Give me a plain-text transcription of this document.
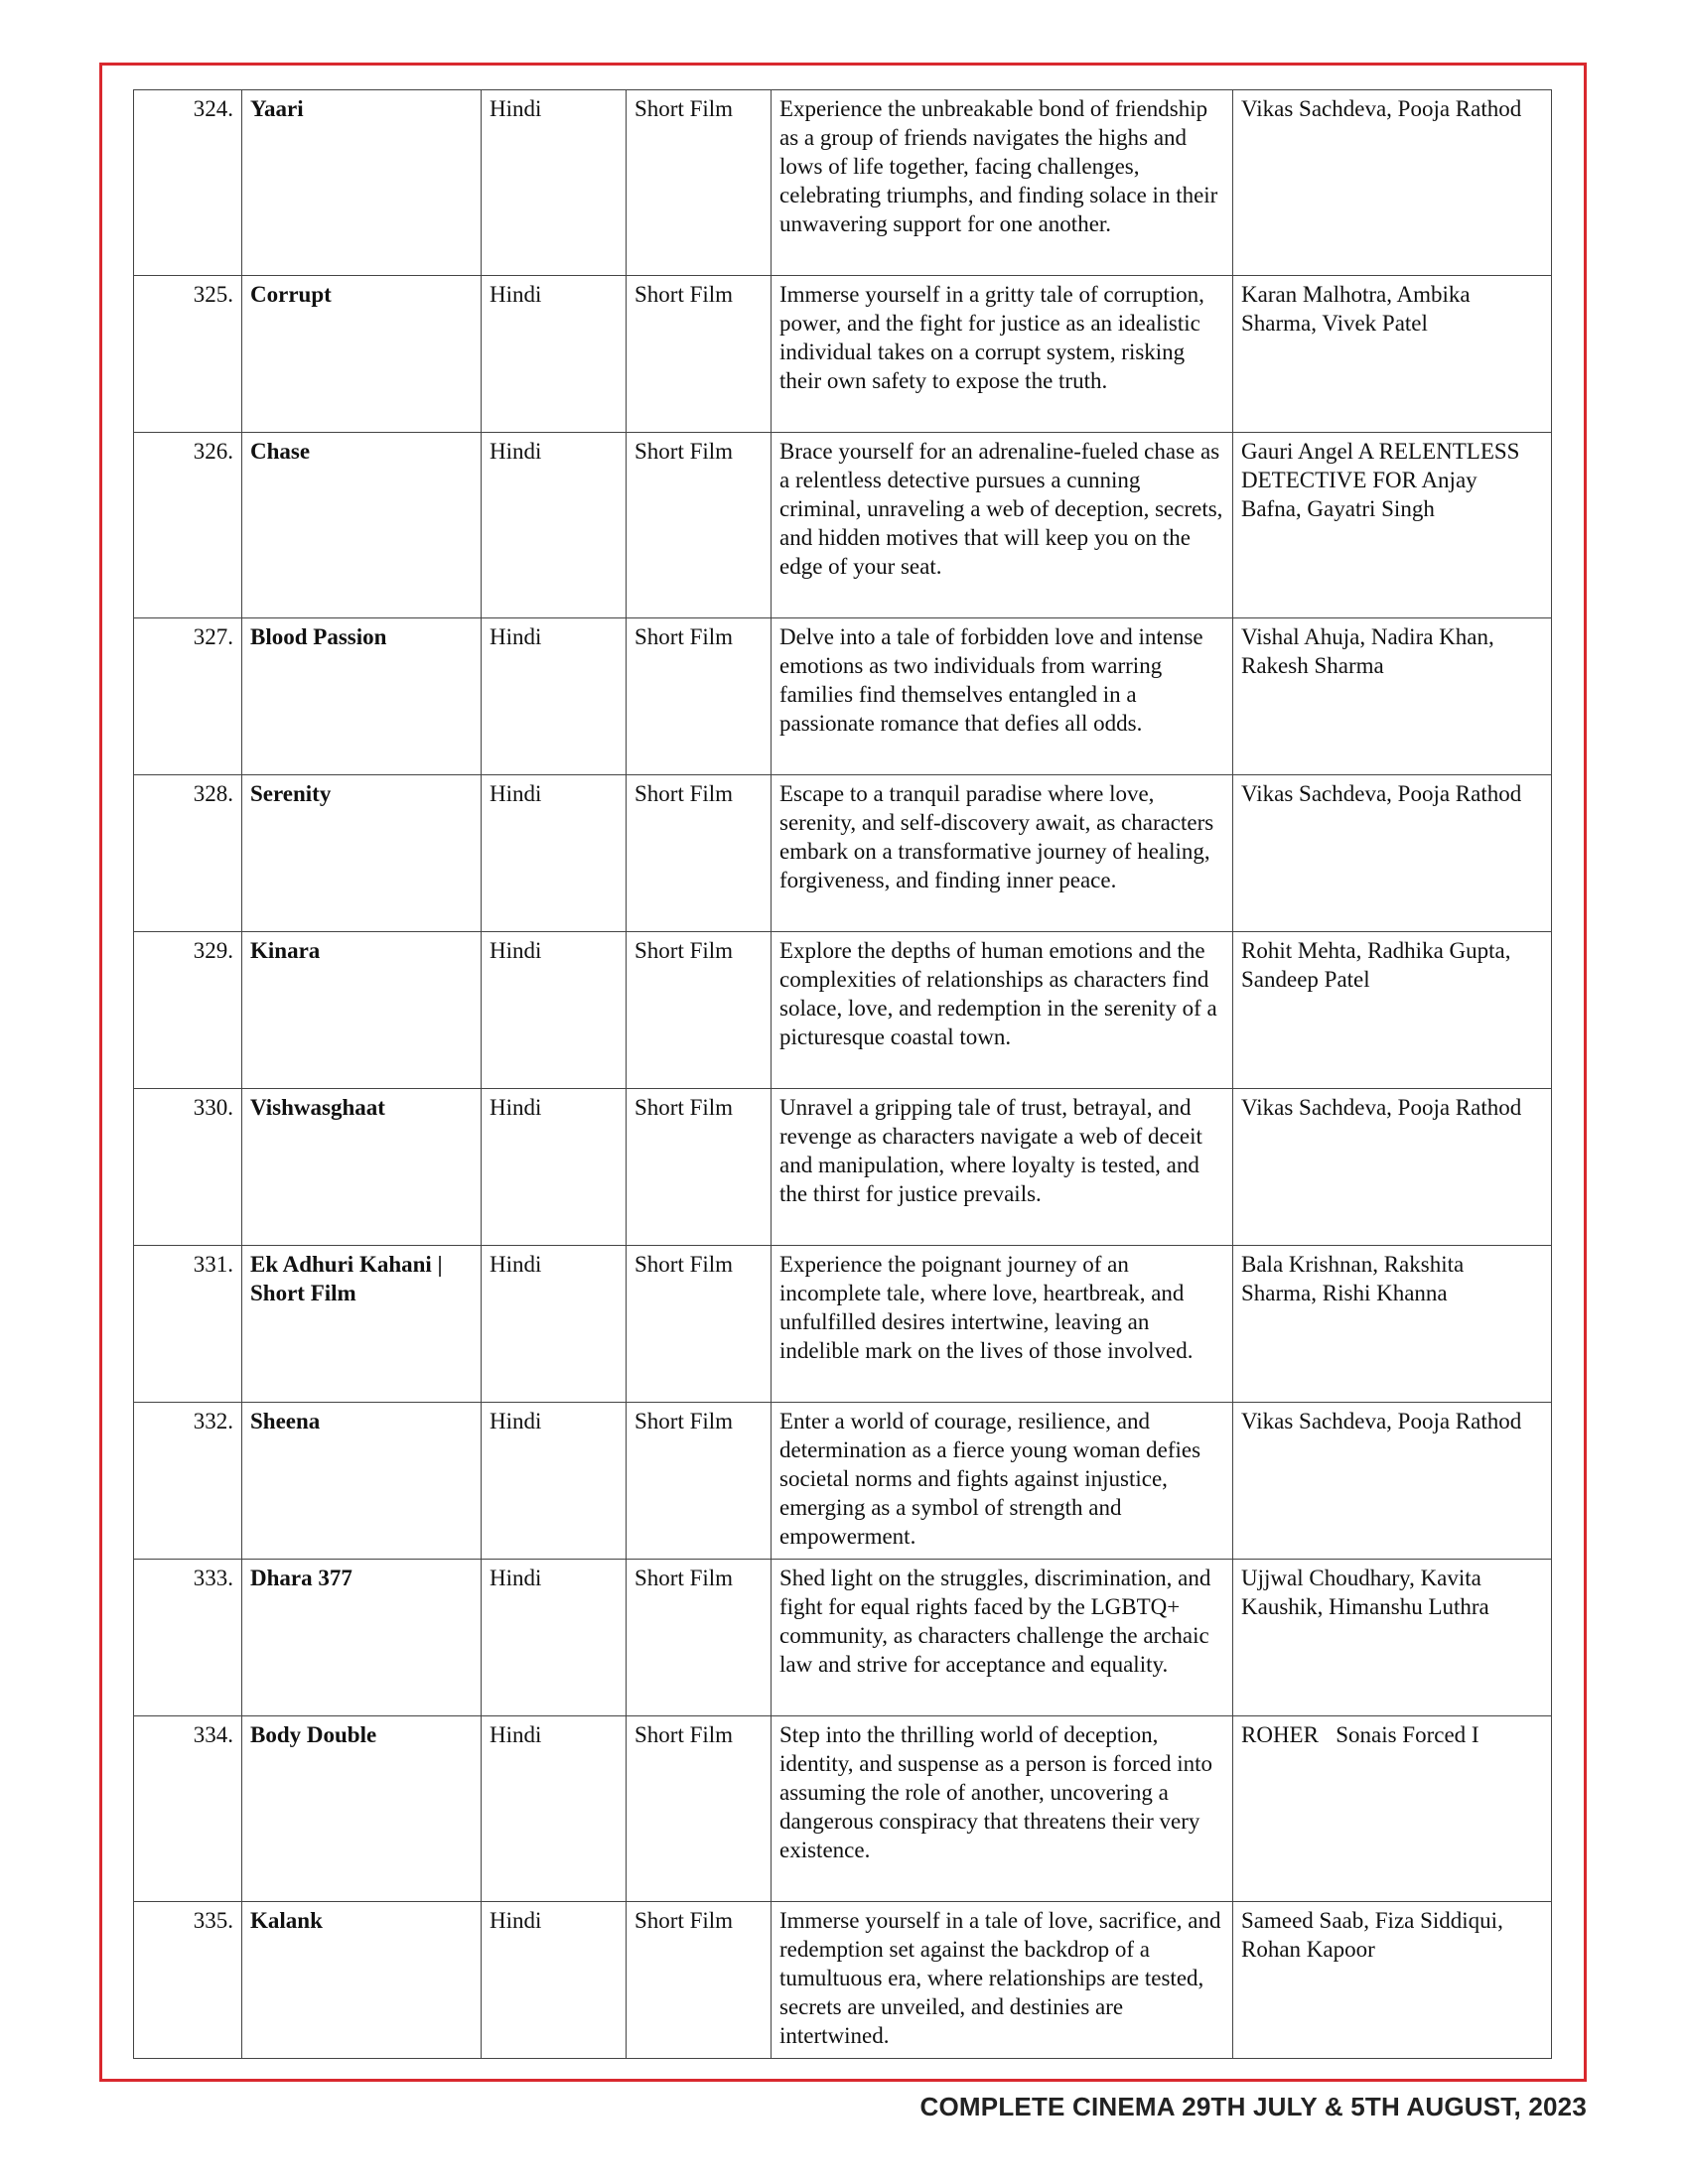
324.	Yaari	Hindi	Short Film	Experience the unbreakable bond of friendship as a group of friends navigates the highs and lows of life together, facing challenges, celebrating triumphs, and finding solace in their unwavering support for one another.	Vikas Sachdeva, Pooja Rathod
325.	Corrupt	Hindi	Short Film	Immerse yourself in a gritty tale of corruption, power, and the fight for justice as an idealistic individual takes on a corrupt system, risking their own safety to expose the truth.	Karan Malhotra, Ambika Sharma, Vivek Patel
326.	Chase	Hindi	Short Film	Brace yourself for an adrenaline-fueled chase as a relentless detective pursues a cunning criminal, unraveling a web of deception, secrets, and hidden motives that will keep you on the edge of your seat.	Gauri Angel A RELENTLESS DETECTIVE FOR Anjay Bafna, Gayatri Singh
327.	Blood Passion	Hindi	Short Film	Delve into a tale of forbidden love and intense emotions as two individuals from warring families find themselves entangled in a passionate romance that defies all odds.	Vishal Ahuja, Nadira Khan, Rakesh Sharma
328.	Serenity	Hindi	Short Film	Escape to a tranquil paradise where love, serenity, and self-discovery await, as characters embark on a transformative journey of healing, forgiveness, and finding inner peace.	Vikas Sachdeva, Pooja Rathod
329.	Kinara	Hindi	Short Film	Explore the depths of human emotions and the complexities of relationships as characters find solace, love, and redemption in the serenity of a picturesque coastal town.	Rohit Mehta, Radhika Gupta, Sandeep Patel
330.	Vishwasghaat	Hindi	Short Film	Unravel a gripping tale of trust, betrayal, and revenge as characters navigate a web of deceit and manipulation, where loyalty is tested, and the thirst for justice prevails.	Vikas Sachdeva, Pooja Rathod
331.	Ek Adhuri Kahani | Short Film	Hindi	Short Film	Experience the poignant journey of an incomplete tale, where love, heartbreak, and unfulfilled desires intertwine, leaving an indelible mark on the lives of those involved.	Bala Krishnan, Rakshita Sharma, Rishi Khanna
332.	Sheena	Hindi	Short Film	Enter a world of courage, resilience, and determination as a fierce young woman defies societal norms and fights against injustice, emerging as a symbol of strength and empowerment.	Vikas Sachdeva, Pooja Rathod
333.	Dhara 377	Hindi	Short Film	Shed light on the struggles, discrimination, and fight for equal rights faced by the LGBTQ+ community, as characters challenge the archaic law and strive for acceptance and equality.	Ujjwal Choudhary, Kavita Kaushik, Himanshu Luthra
334.	Body Double	Hindi	Short Film	Step into the thrilling world of deception, identity, and suspense as a person is forced into assuming the role of another, uncovering a dangerous conspiracy that threatens their very existence.	ROHER   Sonais Forced I
335.	Kalank	Hindi	Short Film	Immerse yourself in a tale of love, sacrifice, and redemption set against the backdrop of a tumultuous era, where relationships are tested, secrets are unveiled, and destinies are intertwined.	Sameed Saab, Fiza Siddiqui, Rohan Kapoor
COMPLETE CINEMA 29TH JULY & 5TH AUGUST, 2023
